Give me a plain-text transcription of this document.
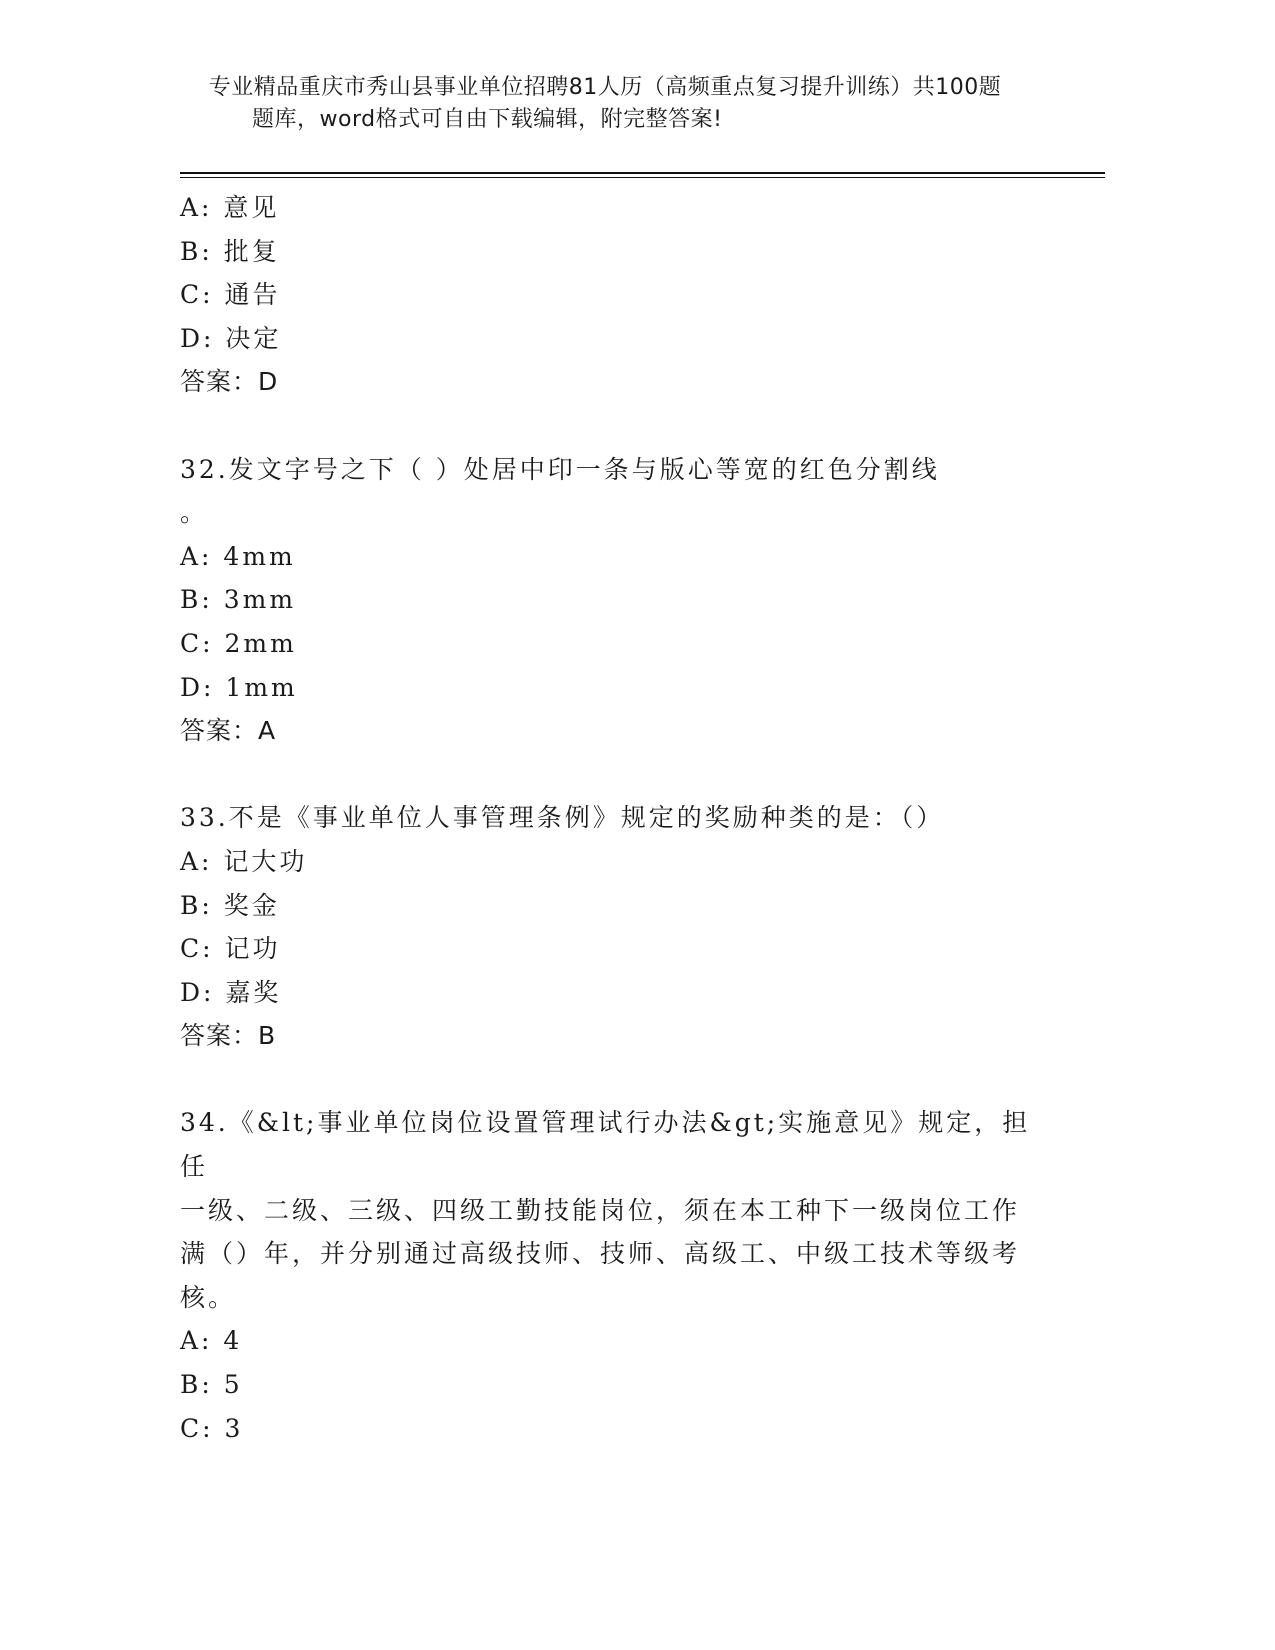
专业精品重庆市秀山县事业单位招聘81人历（高频重点复习提升训练）共100题
题库，word格式可自由下载编辑，附完整答案!
A: 意见
B: 批复
C: 通告
D: 决定
答案：D
32.发文字号之下（ ）处居中印一条与版心等宽的红色分割线
。
A: 4mm
B: 3mm
C: 2mm
D: 1mm
答案：A
33.不是《事业单位人事管理条例》规定的奖励种类的是：（）
A: 记大功
B: 奖金
C: 记功
D: 嘉奖
答案：B
34.《&lt;事业单位岗位设置管理试行办法&gt;实施意见》规定，担任
一级、二级、三级、四级工勤技能岗位，须在本工种下一级岗位工作
满（）年，并分别通过高级技师、技师、高级工、中级工技术等级考
核。
A: 4
B: 5
C: 3
